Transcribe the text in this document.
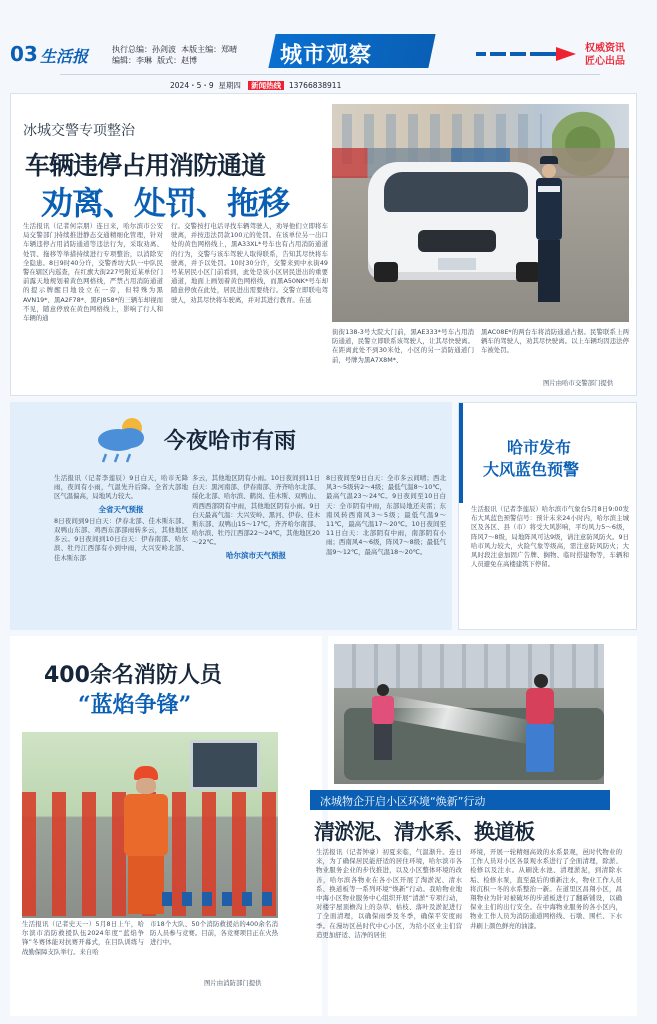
03 生活报	执行总编：孙剑波 本版主编：郑晴
编辑：李琳 版式：赵博	城市观察	权威资讯
匠心出品
2024・5・9 星期四 新闻热线 13766838911
冰城交警专项整治
车辆违停占用消防通道
劝离、处罚、拖移
生活报讯（记者何宗朋）连日来，哈尔滨市公安局交警部门持续推进静态交通精细化管理，针对车辆违停占用消防通道等违法行为，采取劝离、处罚、拖移等举措持续进行专项整治，以消除安全隐患。8日9时40分许，交警香坊大队一中队民警在辖区内巡查，在红旗大街227号附近某单位门前露天地规划着黄色网格线，严禁占用消防通道的提示牌醒目地设立在一旁，但特殊为黑AVN19*、黑A2F78*、黑FJ858*的三辆车却视而不见，随意停放在黄色网格线上，影响了行人和车辆的通
行。交警按打电话寻找车辆驾驶人，劝导他们立即将车驶离，并按违法罚款100元的处罚。在该单位另一出口处的黄色网格线上，黑A33XL*号车也有占用消防通道的行为，交警与该车驾驶人取得联系，告知其尽快将车驶离，并予以处罚。10时30分许，交警来到中永街49号某居民小区门前看到，此处是该小区居民进出的重要通道，地面上画划着黄色网格线，而黑A50NK*号车却随意停放在此处，居民进出需要绕行。交警立即联电驾驶人，劝其尽快将车驶离，并对其进行教育。在延
街街138-3号大院大门前，黑AE333*号车占用消防通道，民警立即联系该驾驶人，让其尽快驶离。在距离此处不到30米处，小区的另一消防通道门前，号牌为黑A7X8M*、
黑AC08E*的两台车将消防通道占据。民警联系上两辆车的驾驶人，劝其尽快驶离。以上车辆均因违法停车被处罚。
图片由哈市交警部门提供
今夜哈市有雨
生活报讯（记者李莲辰）9日白天，哈市无降雨，夜间有小雨，气温先升后降。全省大部地区气温偏高，局地风力较大。
全省天气预报
8日夜间到9日白天：伊春北部、佳木斯东部、双鸭山东部、鸡西东部部雨转多云，其他地区多云。9日夜间到10日白天：伊春南部、哈尔滨、牡丹江西部有小到中雨，大兴安岭北部、佳木斯东部
多云，其他地区阴有小雨。10日夜间到11日白天：黑河南部、伊春南部、齐齐哈尔北部、绥化北部、哈尔滨、鹤岗、佳木斯、双鸭山、鸡西西部阴有中雨，其他地区阴有小雨。9日白天最高气温：大兴安岭、黑河、伊春、佳木斯东部、双鸭山15～17℃，齐齐哈尔南部、哈尔滨、牡丹江西部22～24℃，其他地区20～22℃。
哈尔滨市天气预报
8日夜间至9日白天：全市多云间晴；西北风3～5级转2～4级；最低气温8～10℃，最高气温23～24℃。9日夜间至10日白天：全市阴有中雨，东部局地还夹雷；东南风转西南风3～5级；最低气温9～11℃，最高气温17～20℃。10日夜间至11日白天：北部阴有中雨，南部阴有小雨；西南风4～6级，阵风7～8级；最低气温9～12℃，最高气温18～20℃。
哈市发布
大风蓝色预警
生活报讯（记者李莲辰）哈尔滨市气象台5月8日9:00发布大风蓝色预警信号：预计未来24小时内，哈尔滨主城区及各区、县（市）将受大风影响，平均风力5～6级，阵风7～8级，局地阵风可达9级，请注意防风防火。9日哈市风力较大，火险气象等级高，需注意防风防火；大风时段注意加固广告牌、搁物、临时搭建物等，车辆和人员避免在高楼建筑下停留。
400余名消防人员
“蓝焰争锋”
生活报讯（记者史天一）5月8日上午，哈尔滨市消防救援队伍2024年度“蓝焰争锋”冬赛体能对抗赛开幕式，在目队训练与战勤保障支队举行。来自哈
市18个大队、50个消防救援站的400余名消防人员参与竞赛。目前，各竞赛项目正在火热进行中。
图片由消防部门提供
冰城物企开启小区环境“焕新”行动
清淤泥、清水系、换道板
生活报讯（记者钟豪）初夏来临，气温渐升。连日来，为了确保居民能舒适的居住环境，哈尔滨市各物业服务企业的步伐推进，以及小区整体环境的改善，哈尔滨各物业在各小区开展了淘淤泥、清水系、换道板等一系列环境“焕新”行动。我哈物业地中海小区物业服务中心组织开展“清淤”专项行动，对楼宇屋顶檐沟上的杂草、枯枝、落叶及淤泥进行了全面清理，以确保雨季及冬季，确保平安度雨季。在漫坊区邑时代中心小区，为给小区业主们营造更加舒适、洁净的居住
环境，开展一轮精细高效的水系景观，邑时代物业的工作人员对小区各景观水系进行了全面清理，除淤、检修以及注水。从刷洗水池、清理淤泥，到清除水垢、检修水泵，直至最后的重新注水，物业工作人员将沉积一冬的水系整治一新。在道里区昌翔小区，昌翔物业为针对被破坏的步道板进行了翻新铺设，以确保业主们的出行安全。在中海物业服务的各小区内，物业工作人员为消防通道网格线、石墩、围栏、下水井刷上颜色鲜亮的油漆。
